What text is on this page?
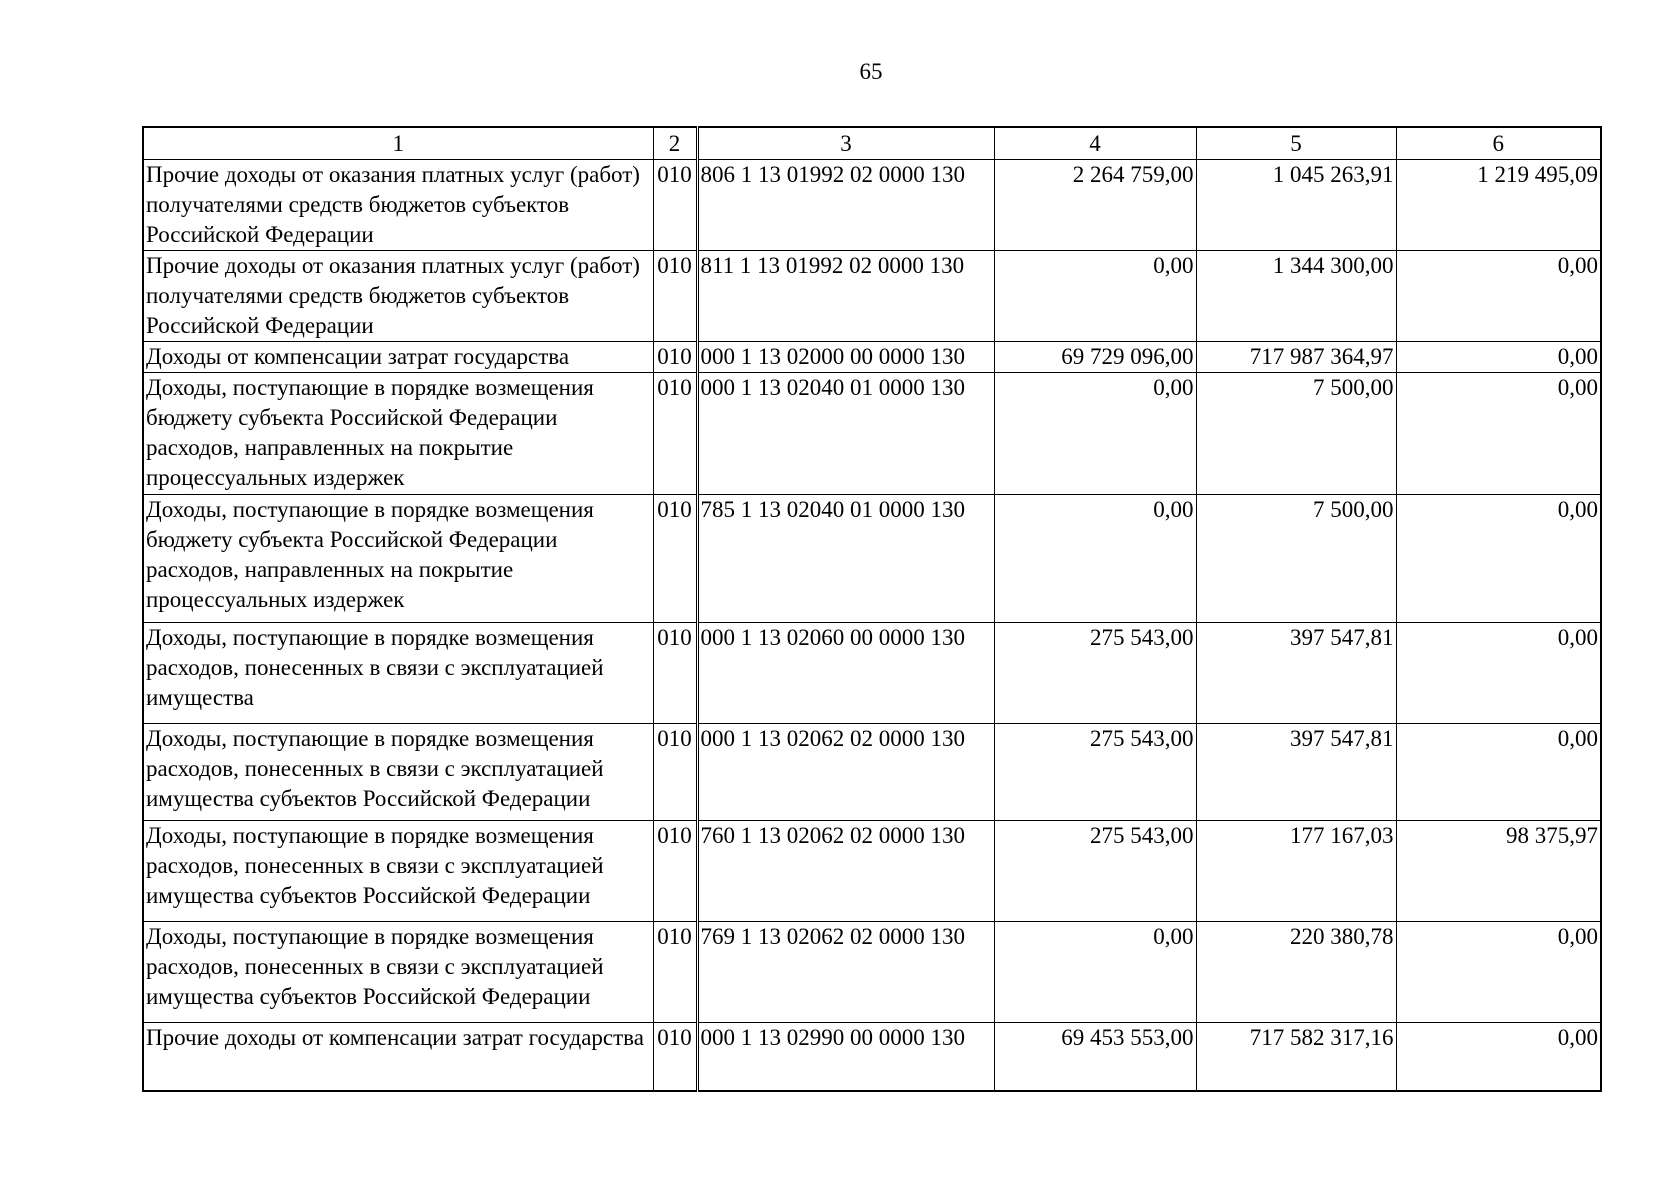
65
1	2	3	4	5	6
Прочие доходы от оказания платных услуг (работ) получателями средств бюджетов субъектов Российской Федерации	010	806 1 13 01992 02 0000 130	2 264 759,00	1 045 263,91	1 219 495,09
Прочие доходы от оказания платных услуг (работ) получателями средств бюджетов субъектов Российской Федерации	010	811 1 13 01992 02 0000 130	0,00	1 344 300,00	0,00
Доходы от компенсации затрат государства	010	000 1 13 02000 00 0000 130	69 729 096,00	717 987 364,97	0,00
Доходы, поступающие в порядке возмещения бюджету субъекта Российской Федерации расходов, направленных на покрытие процессуальных издержек	010	000 1 13 02040 01 0000 130	0,00	7 500,00	0,00
Доходы, поступающие в порядке возмещения бюджету субъекта Российской Федерации расходов, направленных на покрытие процессуальных издержек	010	785 1 13 02040 01 0000 130	0,00	7 500,00	0,00
Доходы, поступающие в порядке возмещения расходов, понесенных в связи с эксплуатацией имущества	010	000 1 13 02060 00 0000 130	275 543,00	397 547,81	0,00
Доходы, поступающие в порядке возмещения расходов, понесенных в связи с эксплуатацией имущества субъектов Российской Федерации	010	000 1 13 02062 02 0000 130	275 543,00	397 547,81	0,00
Доходы, поступающие в порядке возмещения расходов, понесенных в связи с эксплуатацией имущества субъектов Российской Федерации	010	760 1 13 02062 02 0000 130	275 543,00	177 167,03	98 375,97
Доходы, поступающие в порядке возмещения расходов, понесенных в связи с эксплуатацией имущества субъектов Российской Федерации	010	769 1 13 02062 02 0000 130	0,00	220 380,78	0,00
Прочие доходы от компенсации затрат государства	010	000 1 13 02990 00 0000 130	69 453 553,00	717 582 317,16	0,00
